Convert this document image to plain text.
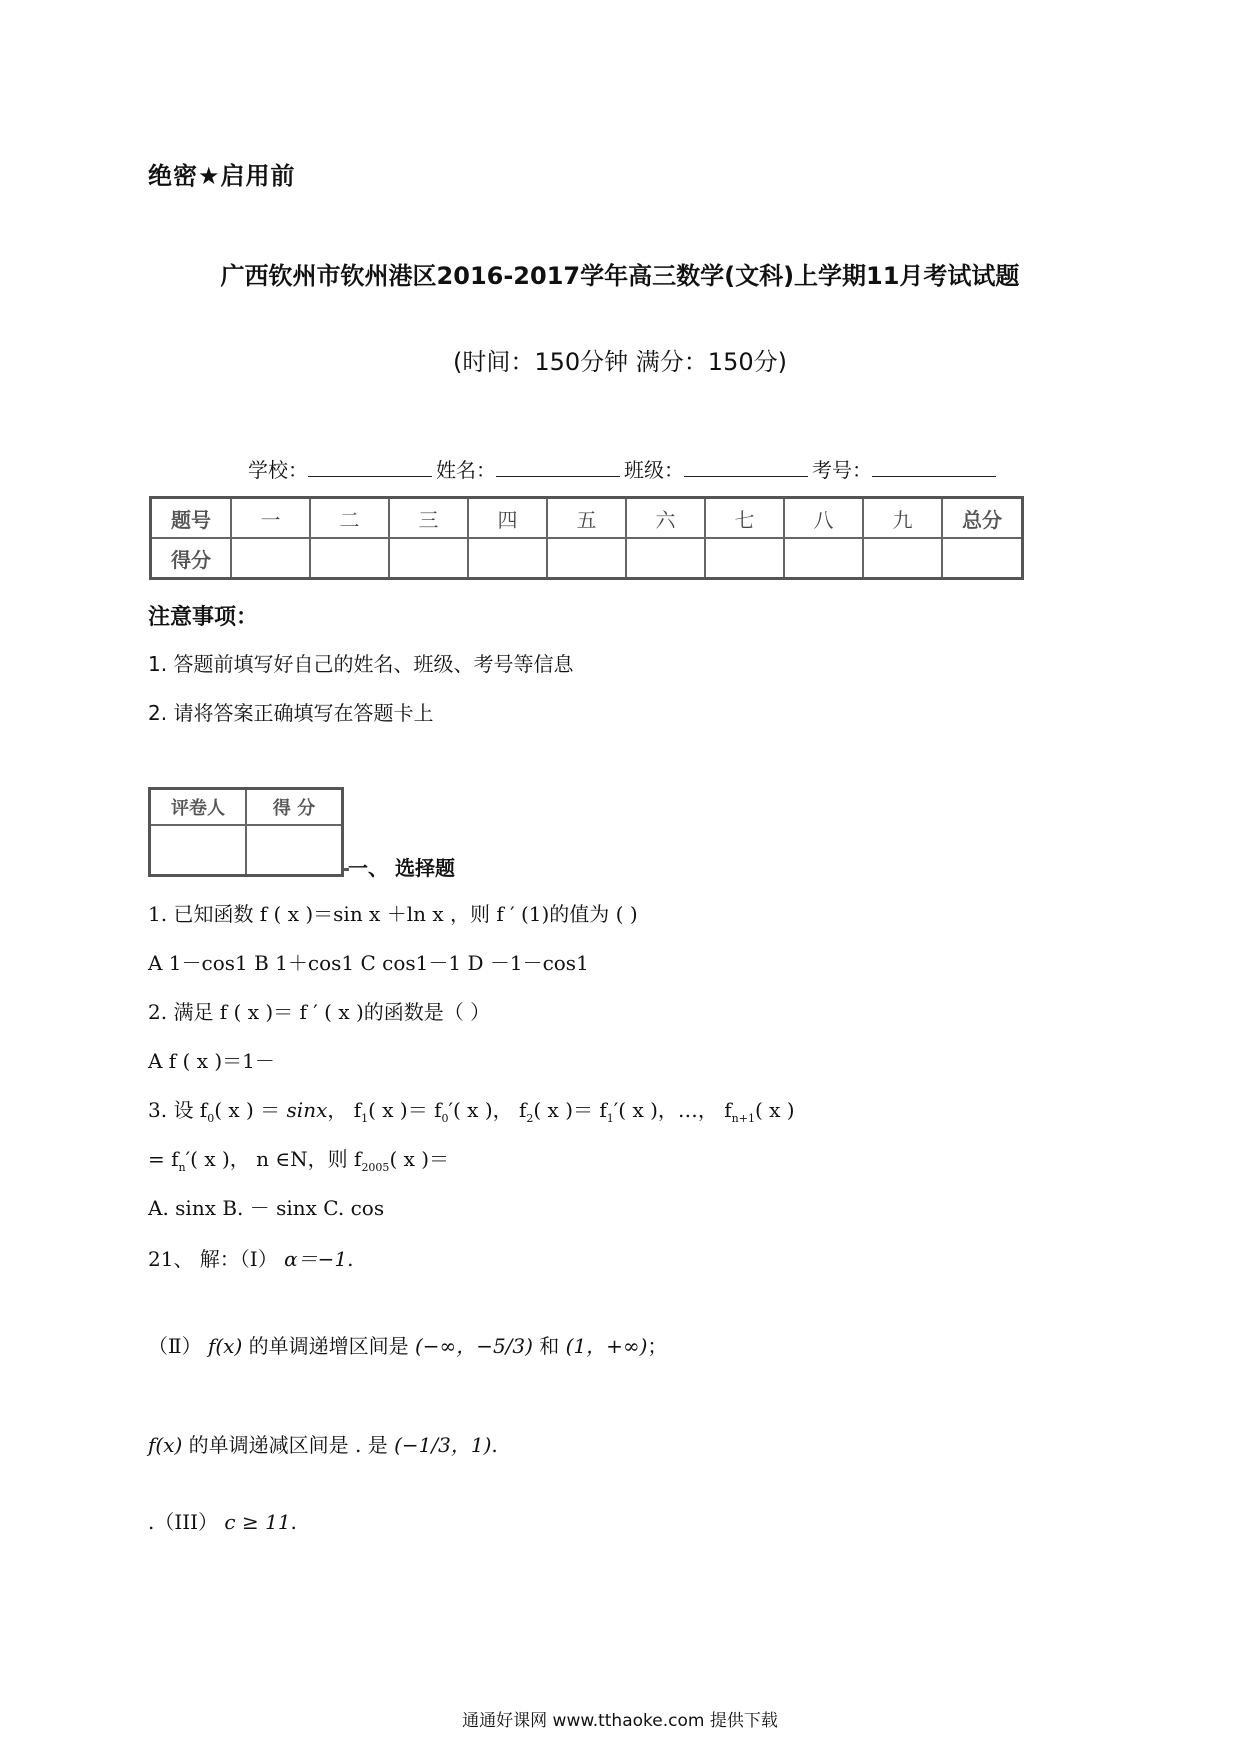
绝密★启用前
广西钦州市钦州港区2016-2017学年高三数学(文科)上学期11月考试试题
(时间：150分钟 满分：150分)
学校：	姓名：	班级：	考号：
题号	一	二	三	四	五	六	七	八	九	总分
得分										
注意事项：
1. 答题前填写好自己的姓名、班级、考号等信息
2. 请将答案正确填写在答题卡上
评卷人	得 分

一、 选择题
1. 已知函数 f ( x )＝sin x ＋ln x ，则 f ′ (1)的值为 ( )
A 1－cos1 B 1＋cos1 C cos1－1 D －1－cos1
2. 满足 f ( x )＝ f ′ ( x )的函数是（ ）
A f ( x )＝1－
3. 设 $f_0$( x ) ＝ sinx， $f_1$( x )＝ $f_0'$( x )， $f_2$( x )＝ $f_1'$( x )，…， $f_{n+1}$( x )
= $f_n'$( x )， n ∈N，则 $f_{2005}$( x )＝
A. sinx B. － sinx C. cos
21、 解：（Ⅰ） α＝−1.
（Ⅱ） f(x) 的单调递增区间是 (−∞，−5/3) 和 (1，+∞)；
f(x) 的单调递减区间是 . 是 (−1/3，1).
.（III） c ≥ 11.
通通好课网 www.tthaoke.com 提供下载
